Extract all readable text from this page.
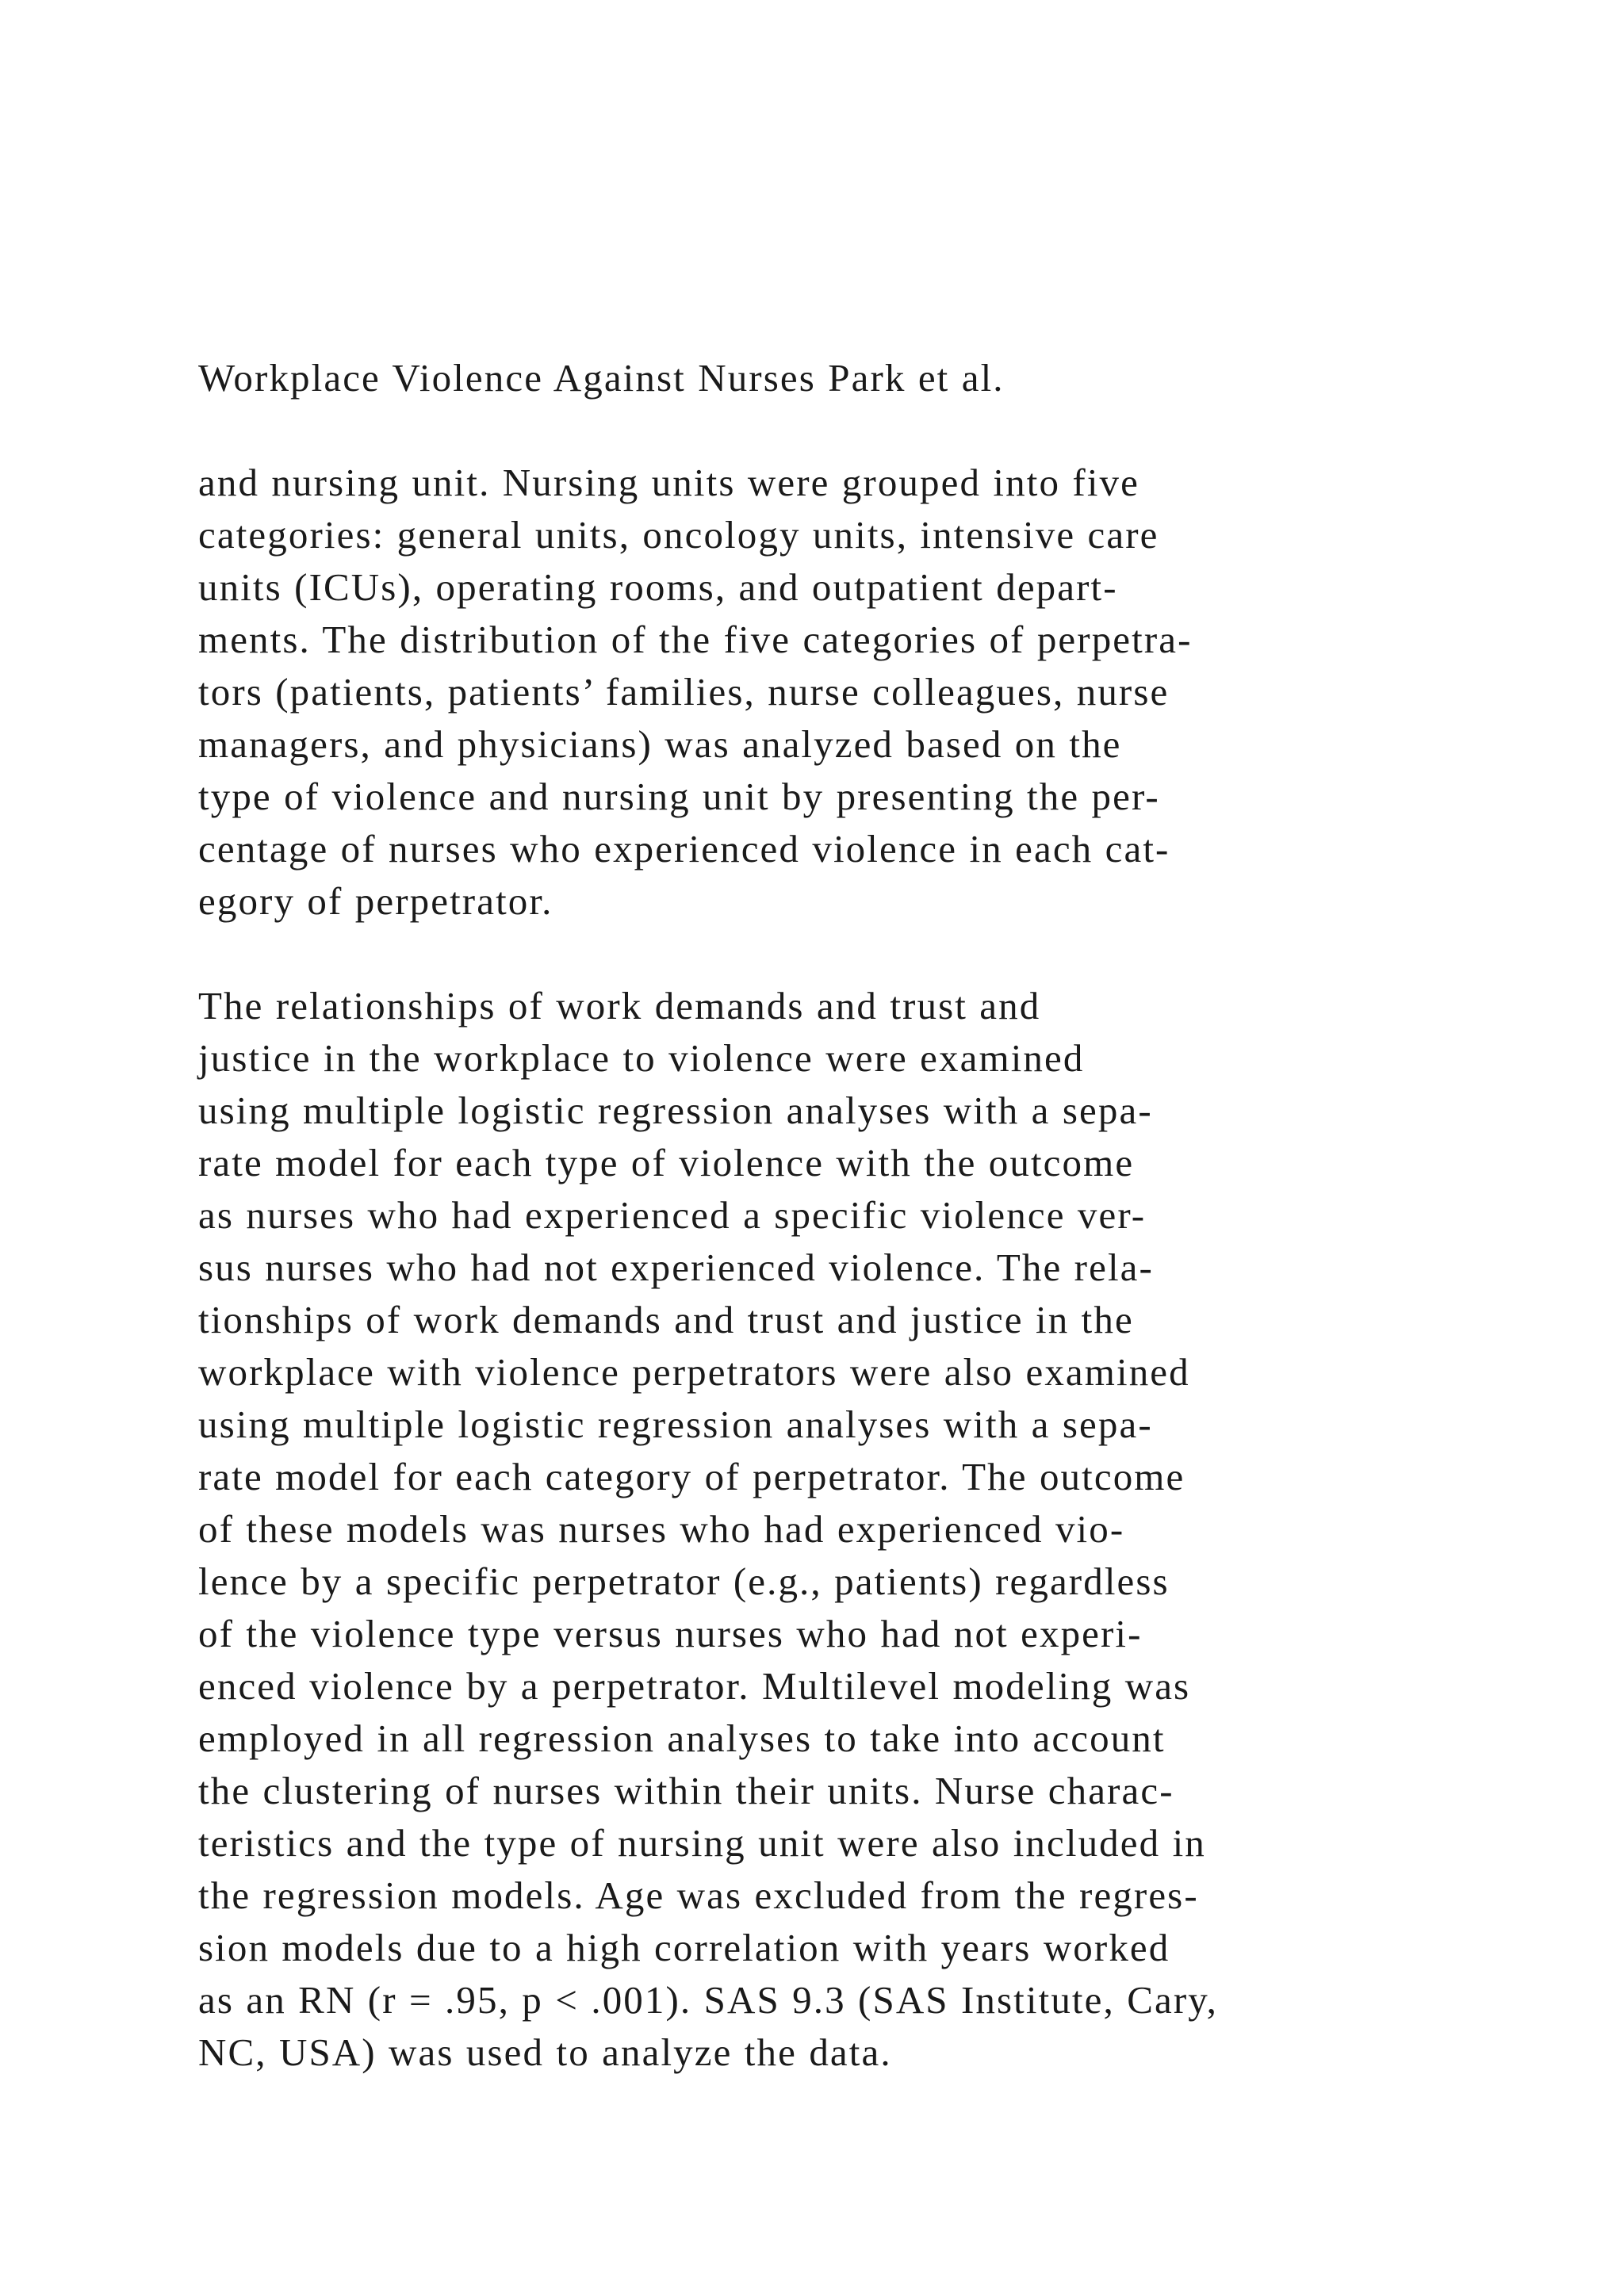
Workplace Violence Against Nurses Park et al.

and nursing unit. Nursing units were grouped into five
categories: general units, oncology units, intensive care
units (ICUs), operating rooms, and outpatient depart-
ments. The distribution of the five categories of perpetra-
tors (patients, patients’ families, nurse colleagues, nurse
managers, and physicians) was analyzed based on the
type of violence and nursing unit by presenting the per-
centage of nurses who experienced violence in each cat-
egory of perpetrator.

The relationships of work demands and trust and
justice in the workplace to violence were examined
using multiple logistic regression analyses with a sepa-
rate model for each type of violence with the outcome
as nurses who had experienced a specific violence ver-
sus nurses who had not experienced violence. The rela-
tionships of work demands and trust and justice in the
workplace with violence perpetrators were also examined
using multiple logistic regression analyses with a sepa-
rate model for each category of perpetrator. The outcome
of these models was nurses who had experienced vio-
lence by a specific perpetrator (e.g., patients) regardless
of the violence type versus nurses who had not experi-
enced violence by a perpetrator. Multilevel modeling was
employed in all regression analyses to take into account
the clustering of nurses within their units. Nurse charac-
teristics and the type of nursing unit were also included in
the regression models. Age was excluded from the regres-
sion models due to a high correlation with years worked
as an RN (r = .95, p < .001). SAS 9.3 (SAS Institute, Cary,
NC, USA) was used to analyze the data.
